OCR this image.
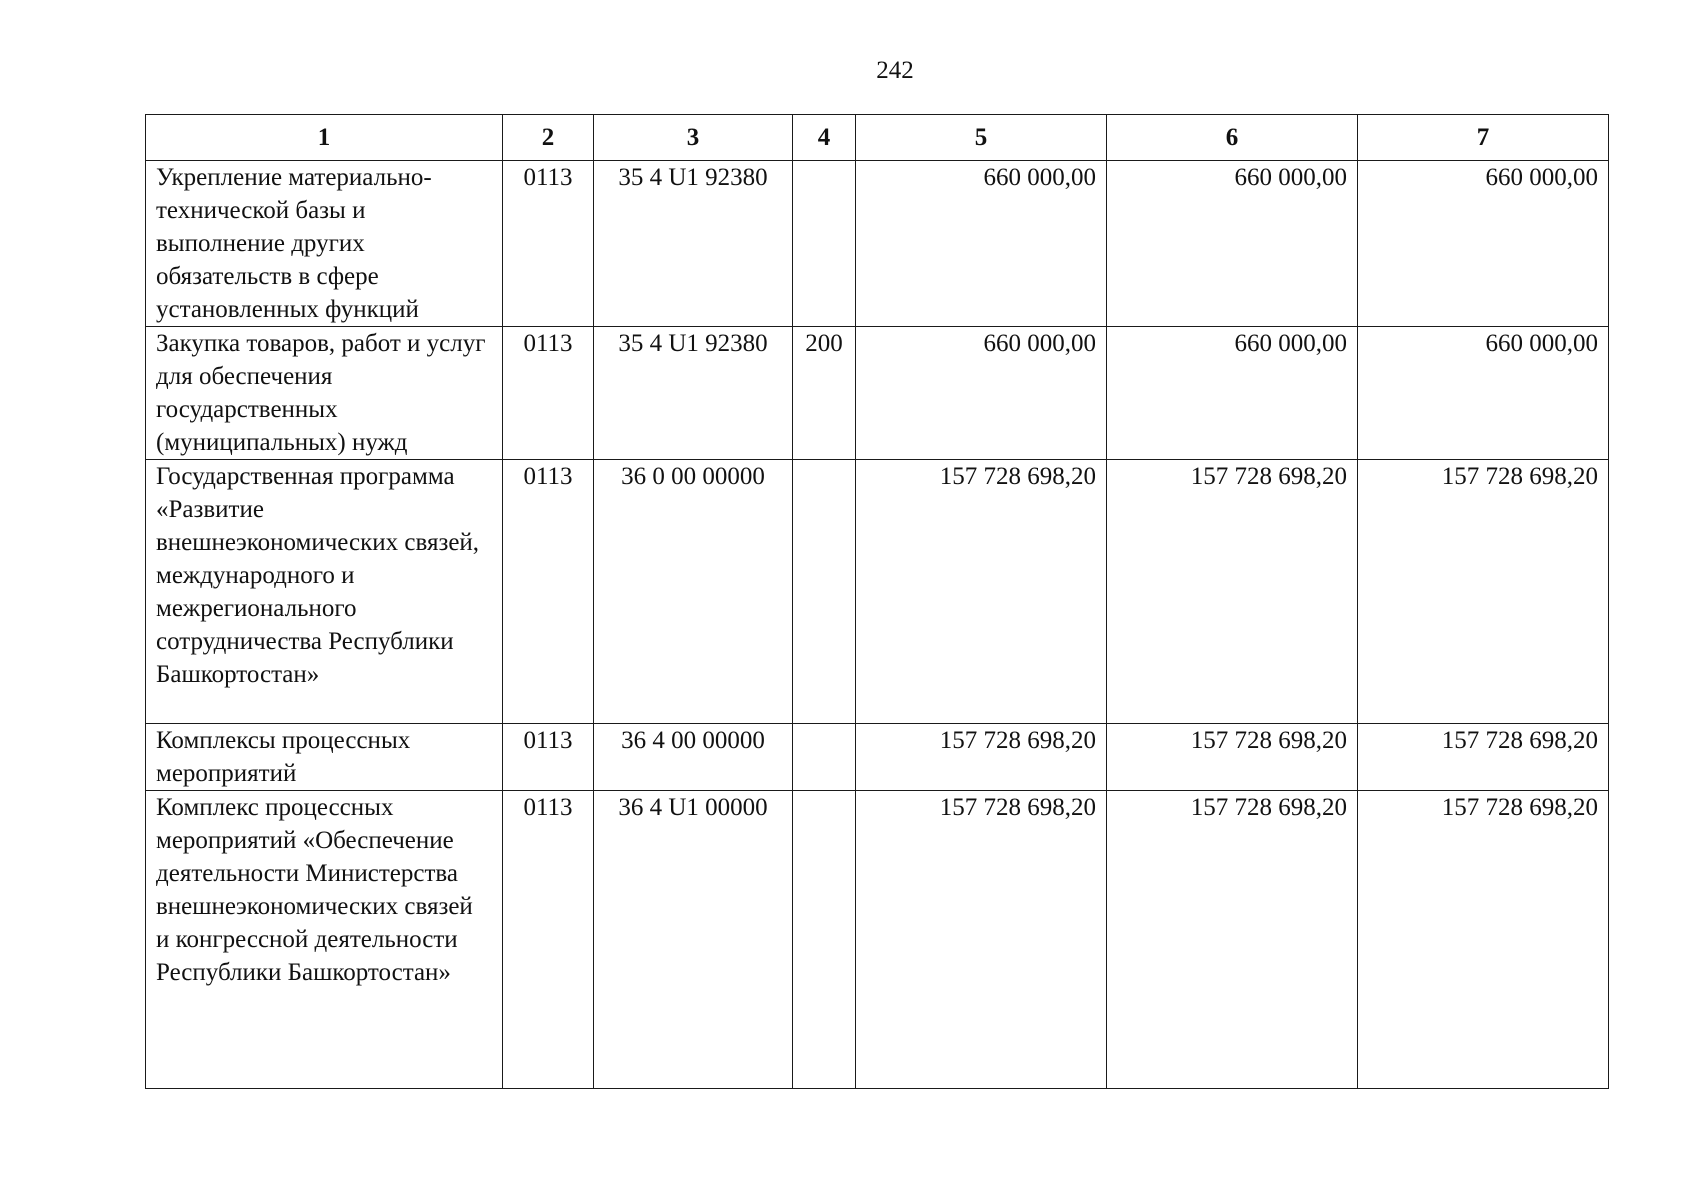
242
1	2	3	4	5	6	7
Укрепление материально-технической базы и выполнение других обязательств в сфере установленных функций	0113	35 4 U1 92380		660 000,00	660 000,00	660 000,00
Закупка товаров, работ и услуг для обеспечения государственных (муниципальных) нужд	0113	35 4 U1 92380	200	660 000,00	660 000,00	660 000,00
Государственная программа «Развитие внешнеэкономических связей, международного и межрегионального сотрудничества Республики Башкортостан»	0113	36 0 00 00000		157 728 698,20	157 728 698,20	157 728 698,20
Комплексы процессных мероприятий	0113	36 4 00 00000		157 728 698,20	157 728 698,20	157 728 698,20
Комплекс процессных мероприятий «Обеспечение деятельности Министерства внешнеэкономических связей и конгрессной деятельности Республики Башкортостан»	0113	36 4 U1 00000		157 728 698,20	157 728 698,20	157 728 698,20
